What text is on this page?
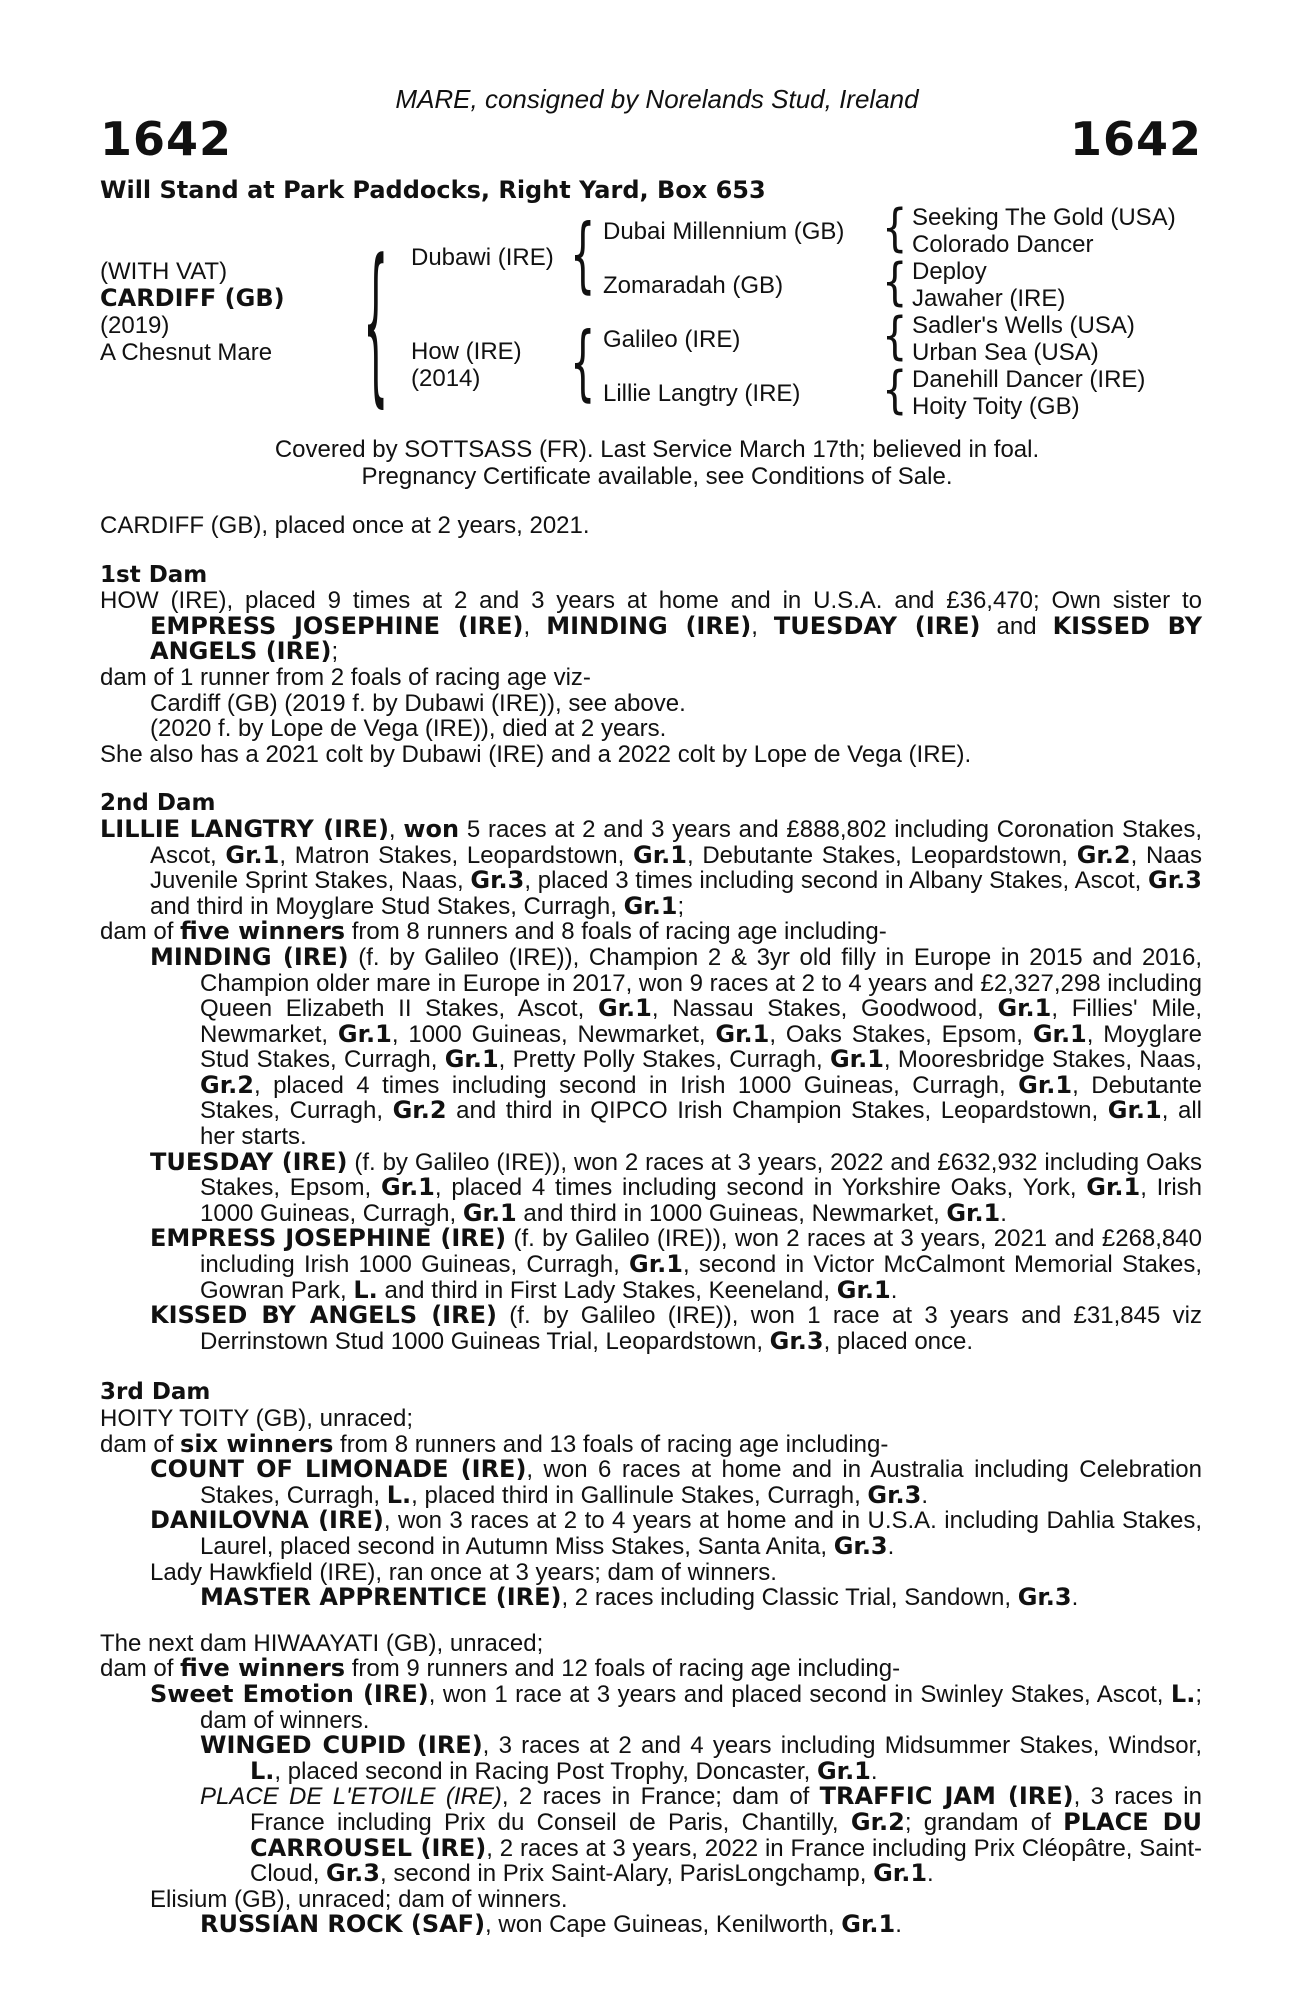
MARE, consigned by Norelands Stud, Ireland
1642	1642
Will Stand at Park Paddocks, Right Yard, Box 653
(WITH VAT)
CARDIFF (GB)
(2019)
A Chesnut Mare { Dubawi (IRE)
How (IRE)
(2014)
{
{
Dubai Millennium (GB)
Zomaradah (GB)
Galileo (IRE)
Lillie Langtry (IRE)
{
{
{
{
Seeking The Gold (USA)
Colorado Dancer
Deploy
Jawaher (IRE)
Sadler's Wells (USA)
Urban Sea (USA)
Danehill Dancer (IRE)
Hoity Toity (GB)
Covered by SOTTSASS (FR). Last Service March 17th; believed in foal.
Pregnancy Certificate available, see Conditions of Sale.

CARDIFF (GB), placed once at 2 years, 2021.

1st Dam

HOW (IRE), placed 9 times at 2 and 3 years at home and in U.S.A. and £36,470; Own sister to EMPRESS JOSEPHINE (IRE), MINDING (IRE), TUESDAY (IRE) and KISSED BY ANGELS (IRE);

dam of 1 runner from 2 foals of racing age viz-

Cardiff (GB) (2019 f. by Dubawi (IRE)), see above.

(2020 f. by Lope de Vega (IRE)), died at 2 years.

She also has a 2021 colt by Dubawi (IRE) and a 2022 colt by Lope de Vega (IRE).

2nd Dam

LILLIE LANGTRY (IRE), won 5 races at 2 and 3 years and £888,802 including Coronation Stakes, Ascot, Gr.1, Matron Stakes, Leopardstown, Gr.1, Debutante Stakes, Leopardstown, Gr.2, Naas Juvenile Sprint Stakes, Naas, Gr.3, placed 3 times including second in Albany Stakes, Ascot, Gr.3 and third in Moyglare Stud Stakes, Curragh, Gr.1;

dam of five winners from 8 runners and 8 foals of racing age including-

MINDING (IRE) (f. by Galileo (IRE)), Champion 2 & 3yr old filly in Europe in 2015 and 2016, Champion older mare in Europe in 2017, won 9 races at 2 to 4 years and £2,327,298 including Queen Elizabeth II Stakes, Ascot, Gr.1, Nassau Stakes, Goodwood, Gr.1, Fillies' Mile, Newmarket, Gr.1, 1000 Guineas, Newmarket, Gr.1, Oaks Stakes, Epsom, Gr.1, Moyglare Stud Stakes, Curragh, Gr.1, Pretty Polly Stakes, Curragh, Gr.1, Mooresbridge Stakes, Naas, Gr.2, placed 4 times including second in Irish 1000 Guineas, Curragh, Gr.1, Debutante Stakes, Curragh, Gr.2 and third in QIPCO Irish Champion Stakes, Leopardstown, Gr.1, all her starts.

TUESDAY (IRE) (f. by Galileo (IRE)), won 2 races at 3 years, 2022 and £632,932 including Oaks Stakes, Epsom, Gr.1, placed 4 times including second in Yorkshire Oaks, York, Gr.1, Irish 1000 Guineas, Curragh, Gr.1 and third in 1000 Guineas, Newmarket, Gr.1.

EMPRESS JOSEPHINE (IRE) (f. by Galileo (IRE)), won 2 races at 3 years, 2021 and £268,840 including Irish 1000 Guineas, Curragh, Gr.1, second in Victor McCalmont Memorial Stakes, Gowran Park, L. and third in First Lady Stakes, Keeneland, Gr.1.

KISSED BY ANGELS (IRE) (f. by Galileo (IRE)), won 1 race at 3 years and £31,845 viz Derrinstown Stud 1000 Guineas Trial, Leopardstown, Gr.3, placed once.

3rd Dam

HOITY TOITY (GB), unraced;

dam of six winners from 8 runners and 13 foals of racing age including-

COUNT OF LIMONADE (IRE), won 6 races at home and in Australia including Celebration Stakes, Curragh, L., placed third in Gallinule Stakes, Curragh, Gr.3.

DANILOVNA (IRE), won 3 races at 2 to 4 years at home and in U.S.A. including Dahlia Stakes, Laurel, placed second in Autumn Miss Stakes, Santa Anita, Gr.3.

Lady Hawkfield (IRE), ran once at 3 years; dam of winners.

MASTER APPRENTICE (IRE), 2 races including Classic Trial, Sandown, Gr.3.

The next dam HIWAAYATI (GB), unraced;

dam of five winners from 9 runners and 12 foals of racing age including-

Sweet Emotion (IRE), won 1 race at 3 years and placed second in Swinley Stakes, Ascot, L.; dam of winners.

WINGED CUPID (IRE), 3 races at 2 and 4 years including Midsummer Stakes, Windsor, L., placed second in Racing Post Trophy, Doncaster, Gr.1.

PLACE DE L'ETOILE (IRE), 2 races in France; dam of TRAFFIC JAM (IRE), 3 races in France including Prix du Conseil de Paris, Chantilly, Gr.2; grandam of PLACE DU CARROUSEL (IRE), 2 races at 3 years, 2022 in France including Prix Cléopâtre, Saint-Cloud, Gr.3, second in Prix Saint-Alary, ParisLongchamp, Gr.1.

Elisium (GB), unraced; dam of winners.

RUSSIAN ROCK (SAF), won Cape Guineas, Kenilworth, Gr.1.
